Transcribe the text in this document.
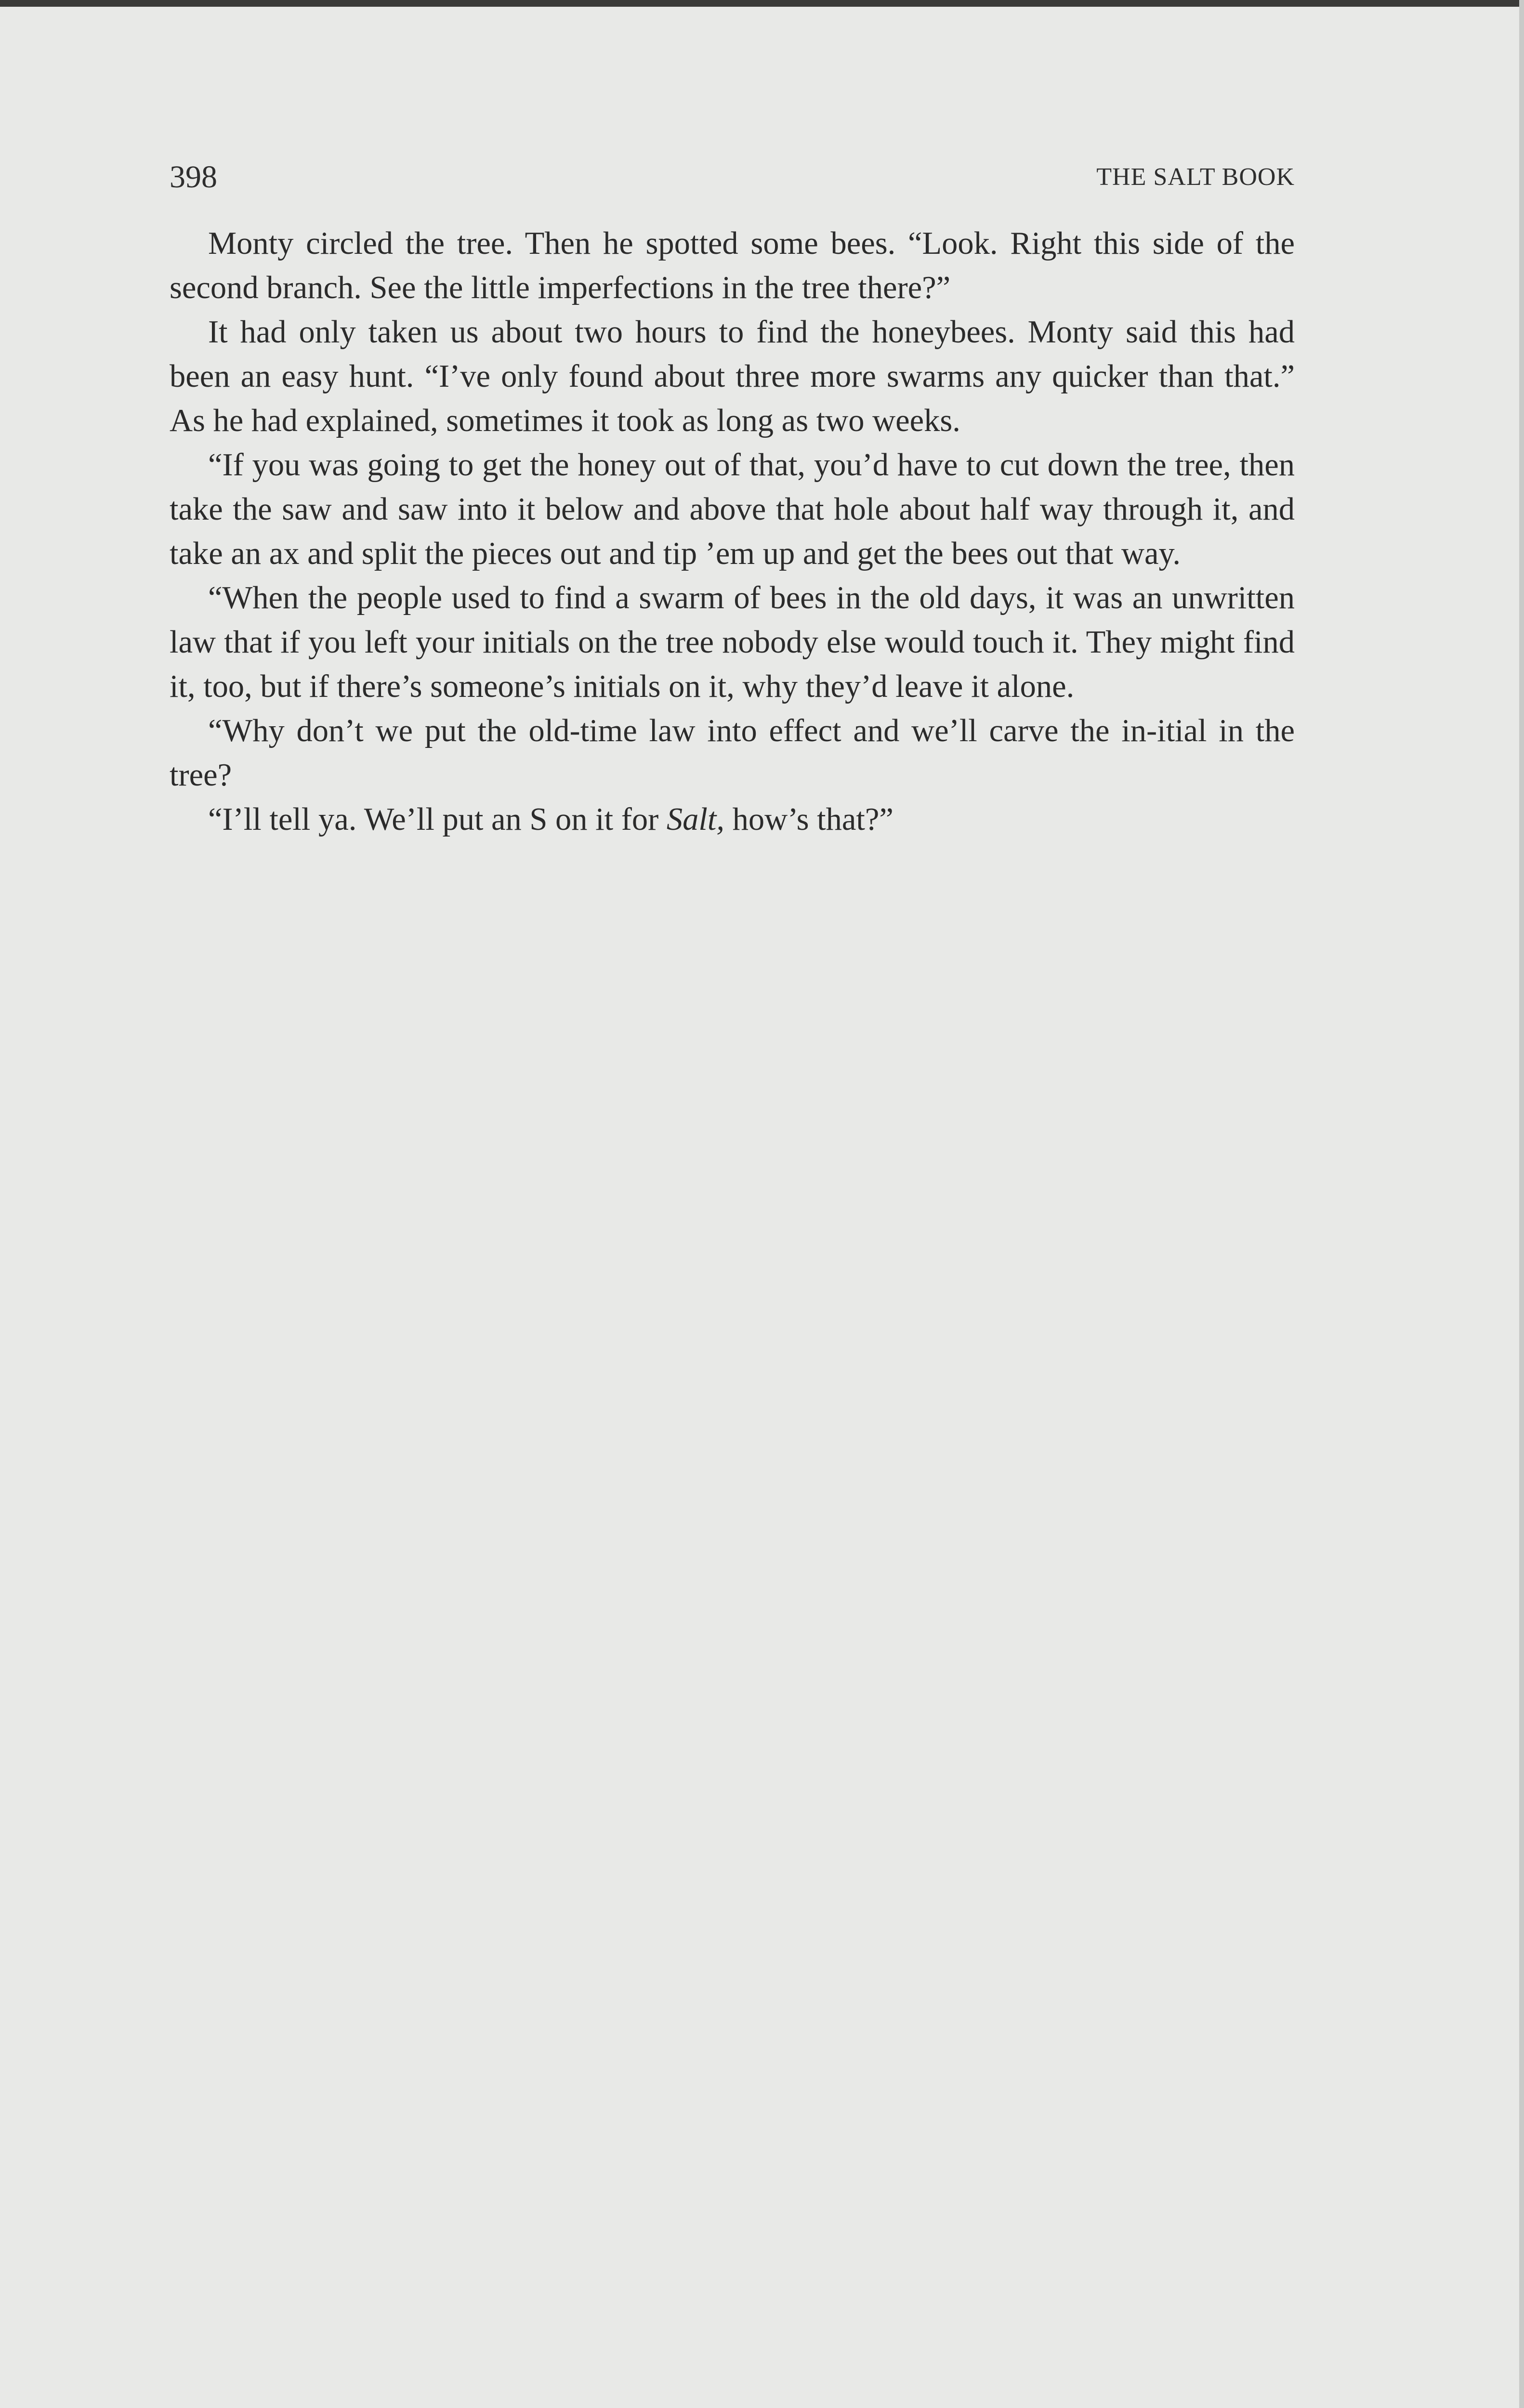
398	THE SALT BOOK

Monty circled the tree. Then he spotted some bees. “Look. Right this side of the second branch. See the little imperfections in the tree there?”

It had only taken us about two hours to find the honeybees. Monty said this had been an easy hunt. “I’ve only found about three more swarms any quicker than that.” As he had explained, sometimes it took as long as two weeks.

“If you was going to get the honey out of that, you’d have to cut down the tree, then take the saw and saw into it below and above that hole about half way through it, and take an ax and split the pieces out and tip ’em up and get the bees out that way.

“When the people used to find a swarm of bees in the old days, it was an unwritten law that if you left your initials on the tree nobody else would touch it. They might find it, too, but if there’s someone’s initials on it, why they’d leave it alone.

“Why don’t we put the old-time law into effect and we’ll carve the in-itial in the tree?

“I’ll tell ya. We’ll put an S on it for Salt, how’s that?”
